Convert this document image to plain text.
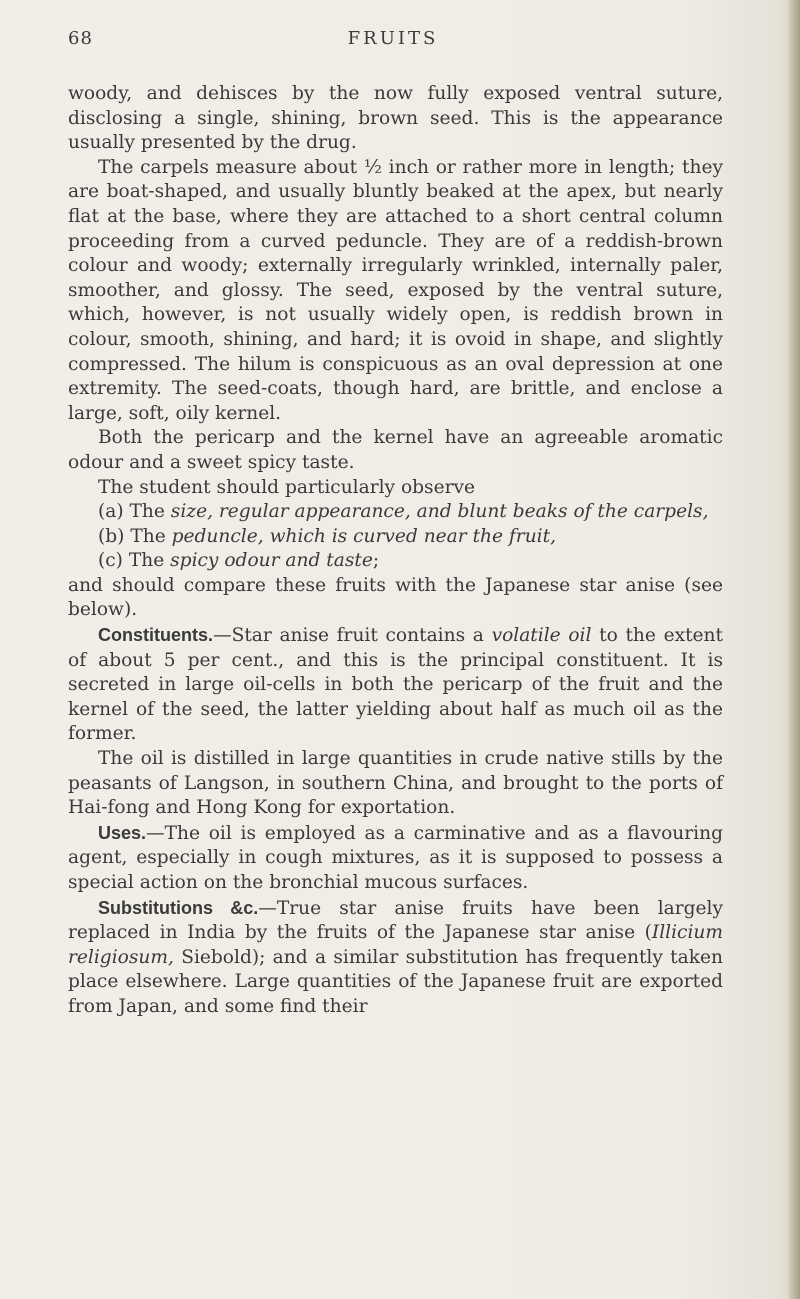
68	FRUITS

woody, and dehisces by the now fully exposed ventral suture, disclosing a single, shining, brown seed. This is the appearance usually presented by the drug.

The carpels measure about ½ inch or rather more in length; they are boat-shaped, and usually bluntly beaked at the apex, but nearly flat at the base, where they are attached to a short central column proceeding from a curved peduncle. They are of a reddish-brown colour and woody; externally irregularly wrinkled, internally paler, smoother, and glossy. The seed, exposed by the ventral suture, which, however, is not usually widely open, is reddish brown in colour, smooth, shining, and hard; it is ovoid in shape, and slightly compressed. The hilum is conspicuous as an oval depression at one extremity. The seed-coats, though hard, are brittle, and enclose a large, soft, oily kernel.

Both the pericarp and the kernel have an agreeable aromatic odour and a sweet spicy taste.

The student should particularly observe

(a) The size, regular appearance, and blunt beaks of the carpels,

(b) The peduncle, which is curved near the fruit,

(c) The spicy odour and taste;

and should compare these fruits with the Japanese star anise (see below).

Constituents.—Star anise fruit contains a volatile oil to the extent of about 5 per cent., and this is the principal constituent. It is secreted in large oil-cells in both the pericarp of the fruit and the kernel of the seed, the latter yielding about half as much oil as the former.

The oil is distilled in large quantities in crude native stills by the peasants of Langson, in southern China, and brought to the ports of Hai-fong and Hong Kong for exportation.

Uses.—The oil is employed as a carminative and as a flavouring agent, especially in cough mixtures, as it is supposed to possess a special action on the bronchial mucous surfaces.

Substitutions &c.—True star anise fruits have been largely replaced in India by the fruits of the Japanese star anise (Illicium religiosum, Siebold); and a similar substitution has frequently taken place elsewhere. Large quantities of the Japanese fruit are exported from Japan, and some find their
